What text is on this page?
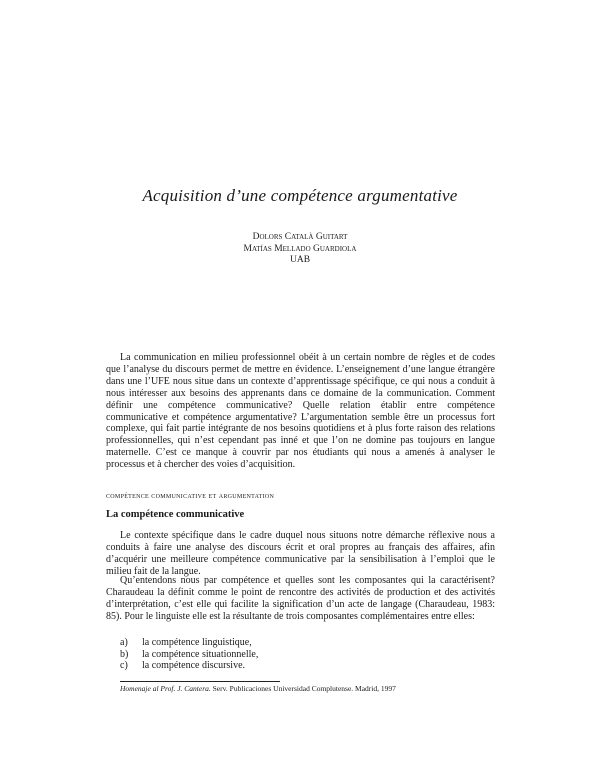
Acquisition d’une compétence argumentative
Dolors Català Guitart
Matías Mellado Guardiola
UAB

La communication en milieu professionnel obéit à un certain nombre de règles et de codes que l’analyse du discours permet de mettre en évidence. L’enseignement d’une langue étrangère dans une l’UFE nous situe dans un contexte d’apprentissage spécifique, ce qui nous a conduit à nous intéresser aux besoins des apprenants dans ce domaine de la communication. Comment définir une compétence communicative? Quelle relation établir entre compétence communicative et compétence argumentative? L’argumentation semble être un processus fort complexe, qui fait partie intégrante de nos besoins quotidiens et à plus forte raison des relations professionnelles, qui n’est cependant pas inné et que l’on ne domine pas toujours en langue maternelle. C’est ce manque à couvrir par nos étudiants qui nous a amenés à analyser le processus et à chercher des voies d’acquisition.

compétence communicative et argumentation
La compétence communicative

Le contexte spécifique dans le cadre duquel nous situons notre démarche réflexive nous a conduits à faire une analyse des discours écrit et oral propres au français des affaires, afin d’acquérir une meilleure compétence communicative par la sensibilisation à l’emploi que le milieu fait de la langue.

Qu’entendons nous par compétence et quelles sont les composantes qui la caractérisent? Charaudeau la définit comme le point de rencontre des activités de production et des activités d’interprétation, c’est elle qui facilite la signification d’un acte de langage (Charaudeau, 1983: 85). Pour le linguiste elle est la résultante de trois composantes complémentaires entre elles:

a)	la compétence linguistique,
b)	la compétence situationnelle,
c)	la compétence discursive.
Homenaje al Prof. J. Cantera. Serv. Publicaciones Universidad Complutense. Madrid, 1997
